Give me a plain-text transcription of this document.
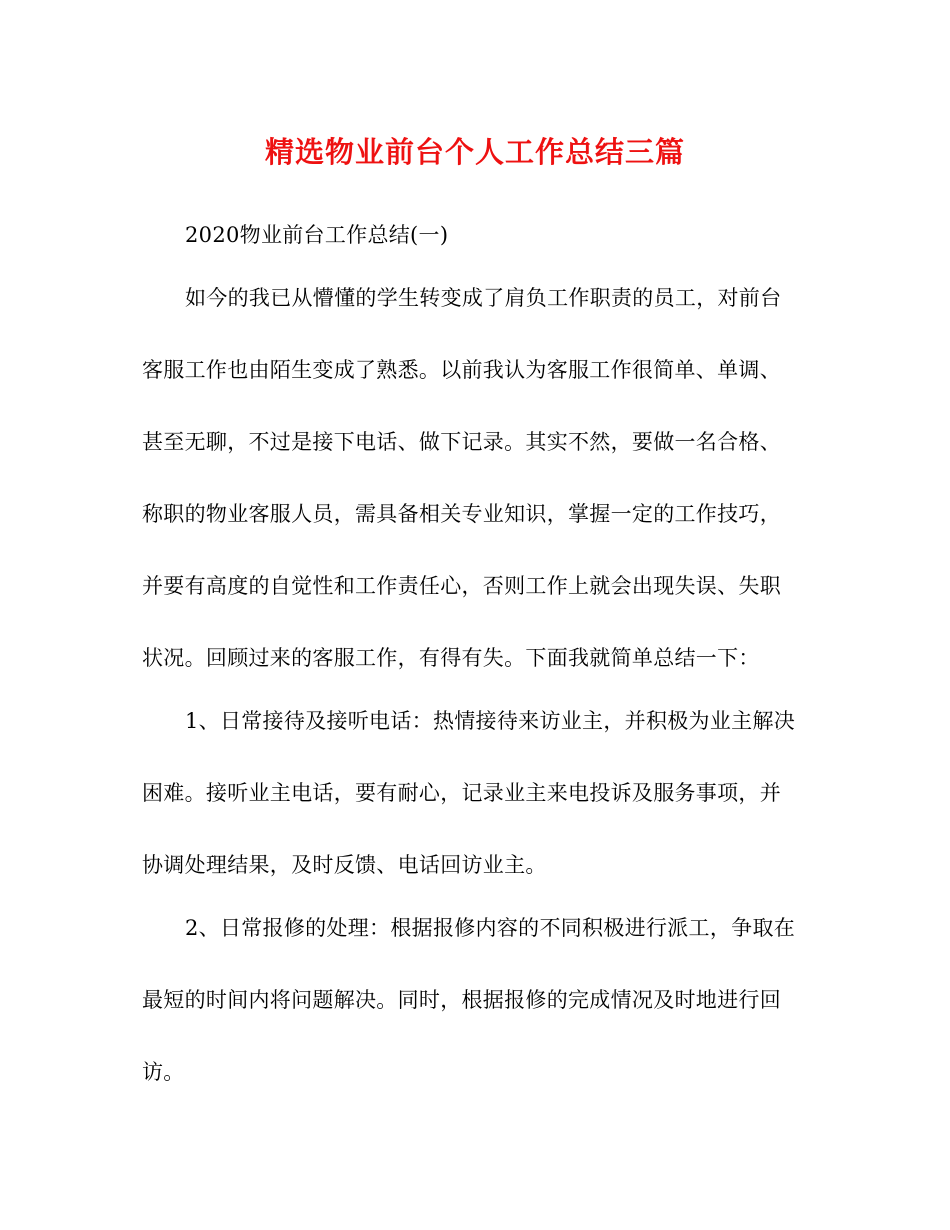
精选物业前台个人工作总结三篇
2020物业前台工作总结(一)
如今的我已从懵懂的学生转变成了肩负工作职责的员工，对前台
客服工作也由陌生变成了熟悉。以前我认为客服工作很简单、单调、
甚至无聊，不过是接下电话、做下记录。其实不然，要做一名合格、
称职的物业客服人员，需具备相关专业知识，掌握一定的工作技巧，
并要有高度的自觉性和工作责任心，否则工作上就会出现失误、失职
状况。回顾过来的客服工作，有得有失。下面我就简单总结一下：
1、日常接待及接听电话：热情接待来访业主，并积极为业主解决
困难。接听业主电话，要有耐心，记录业主来电投诉及服务事项，并
协调处理结果，及时反馈、电话回访业主。
2、日常报修的处理：根据报修内容的不同积极进行派工，争取在
最短的时间内将问题解决。同时，根据报修的完成情况及时地进行回
访。
